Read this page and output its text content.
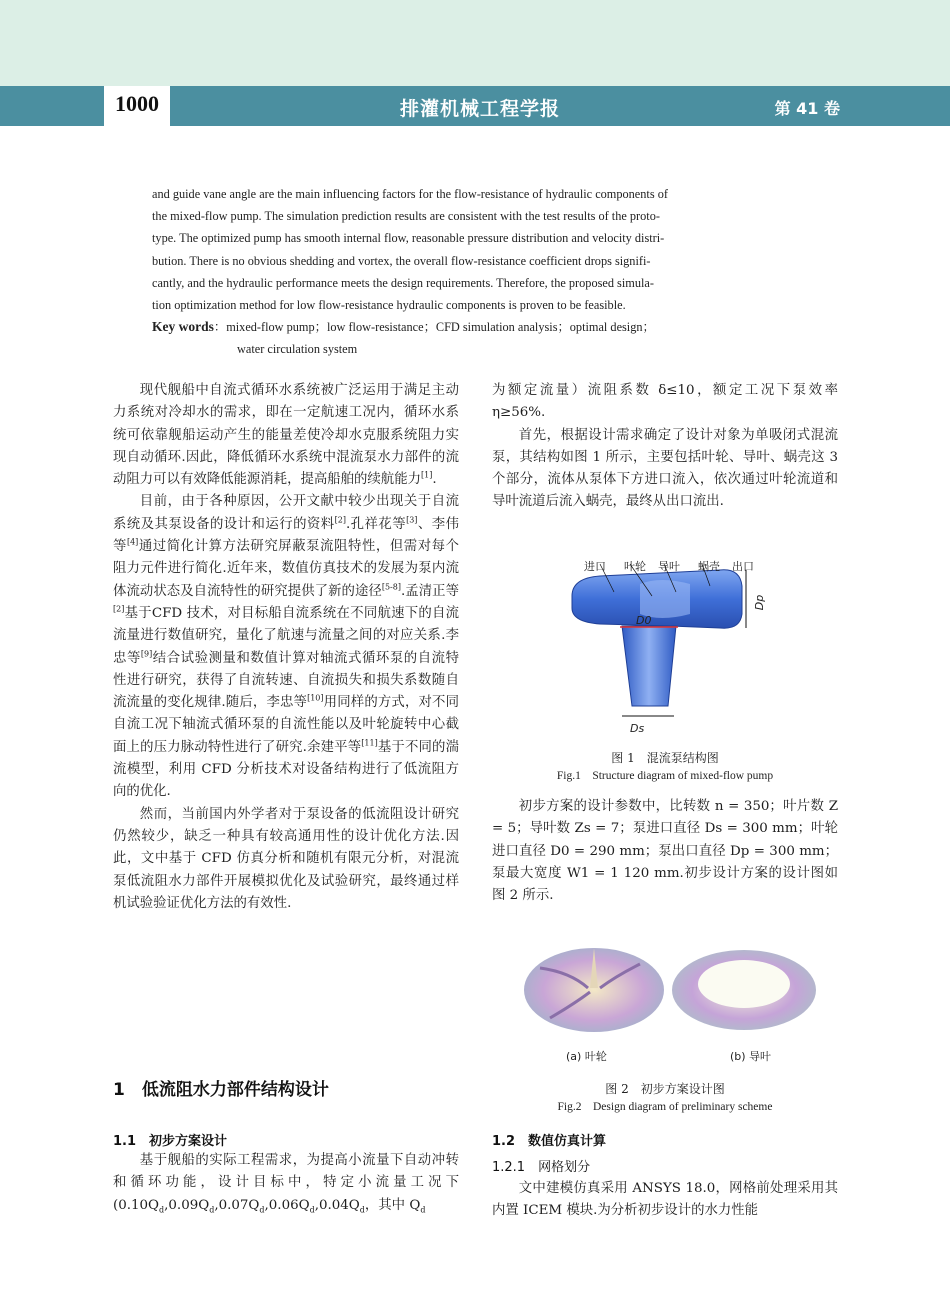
1000	排灌机械工程学报	第 41 卷
and guide vane angle are the main influencing factors for the flow-resistance of hydraulic components of
the mixed-flow pump. The simulation prediction results are consistent with the test results of the proto-
type. The optimized pump has smooth internal flow, reasonable pressure distribution and velocity distri-
bution. There is no obvious shedding and vortex, the overall flow-resistance coefficient drops signifi-
cantly, and the hydraulic performance meets the design requirements. Therefore, the proposed simula-
tion optimization method for low flow-resistance hydraulic components is proven to be feasible.
Key words：mixed-flow pump；low flow-resistance；CFD simulation analysis；optimal design；
water circulation system

现代舰船中自流式循环水系统被广泛运用于满足主动力系统对冷却水的需求，即在一定航速工况内，循环水系统可依靠舰船运动产生的能量差使冷却水克服系统阻力实现自动循环.因此，降低循环水系统中混流泵水力部件的流动阻力可以有效降低能源消耗，提高船舶的续航能力[1].

目前，由于各种原因，公开文献中较少出现关于自流系统及其泵设备的设计和运行的资料[2].孔祥花等[3]、李伟等[4]通过简化计算方法研究屏蔽泵流阻特性，但需对每个阻力元件进行简化.近年来，数值仿真技术的发展为泵内流体流动状态及自流特性的研究提供了新的途径[5-8].孟清正等[2]基于CFD 技术，对目标船自流系统在不同航速下的自流流量进行数值研究，量化了航速与流量之间的对应关系.李忠等[9]结合试验测量和数值计算对轴流式循环泵的自流特性进行研究，获得了自流转速、自流损失和损失系数随自流流量的变化规律.随后，李忠等[10]用同样的方式，对不同自流工况下轴流式循环泵的自流性能以及叶轮旋转中心截面上的压力脉动特性进行了研究.余建平等[11]基于不同的湍流模型，利用 CFD 分析技术对设备结构进行了低流阻方向的优化.

然而，当前国内外学者对于泵设备的低流阻设计研究仍然较少，缺乏一种具有较高通用性的设计优化方法.因此，文中基于 CFD 仿真分析和随机有限元分析，对混流泵低流阻水力部件开展模拟优化及试验研究，最终通过样机试验验证优化方法的有效性.

1　低流阻水力部件结构设计
1.1　初步方案设计

基于舰船的实际工程需求，为提高小流量下自动冲转和循环功能，设计目标中，特定小流量工况下($0.10Q_d,0.09Q_d,0.07Q_d,0.06Q_d,0.04Q_d$，其中 $Q_d$

为额定流量）流阻系数 δ≤10，额定工况下泵效率 η≥56%.

首先，根据设计需求确定了设计对象为单吸闭式混流泵，其结构如图 1 所示，主要包括叶轮、导叶、蜗壳这 3 个部分，流体从泵体下方进口流入，依次通过叶轮流道和导叶流道后流入蜗壳，最终从出口流出.

进口 叶轮 导叶 蜗壳 出口
D0
Ds
Dp
图 1　混流泵结构图
Fig.1　Structure diagram of mixed-flow pump

初步方案的设计参数中，比转数 n = 350；叶片数 Z = 5；导叶数 Zs = 7；泵进口直径 Ds = 300 mm；叶轮进口直径 D0 = 290 mm；泵出口直径 Dp = 300 mm；泵最大宽度 W1 = 1 120 mm.初步设计方案的设计图如图 2 所示.

(a) 叶轮	(b) 导叶
图 2　初步方案设计图
Fig.2　Design diagram of preliminary scheme
1.2　数值仿真计算
1.2.1　网格划分

文中建模仿真采用 ANSYS 18.0，网格前处理采用其内置 ICEM 模块.为分析初步设计的水力性能
